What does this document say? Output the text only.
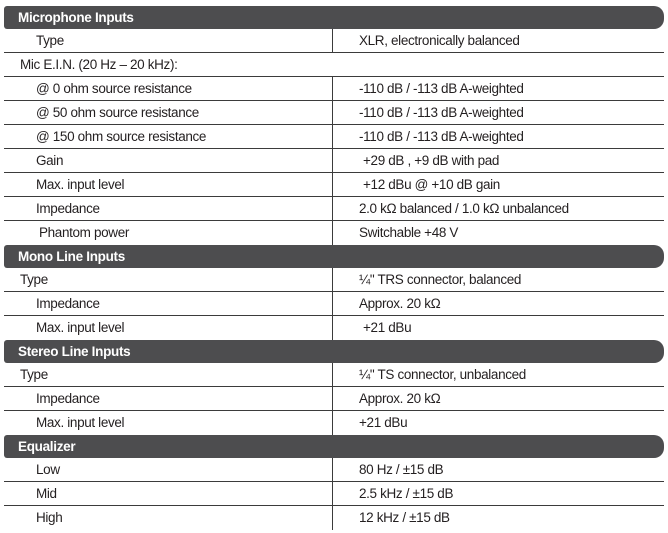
Microphone Inputs
Type	XLR, electronically balanced
Mic E.I.N. (20 Hz – 20 kHz):
@ 0 ohm source resistance	-110 dB / -113 dB A-weighted
@ 50 ohm source resistance	-110 dB / -113 dB A-weighted
@ 150 ohm source resistance	-110 dB / -113 dB A-weighted
Gain	+29 dB , +9 dB with pad
Max. input level	+12 dBu @ +10 dB gain
Impedance	2.0 kΩ balanced / 1.0 kΩ unbalanced
Phantom power	Switchable +48 V
Mono Line Inputs
Type	¼" TRS connector, balanced
Impedance	Approx. 20 kΩ
Max. input level	+21 dBu
Stereo Line Inputs
Type	¼" TS connector, unbalanced
Impedance	Approx. 20 kΩ
Max. input level	+21 dBu
Equalizer
Low	80 Hz / ±15 dB
Mid	2.5 kHz / ±15 dB
High	12 kHz / ±15 dB
